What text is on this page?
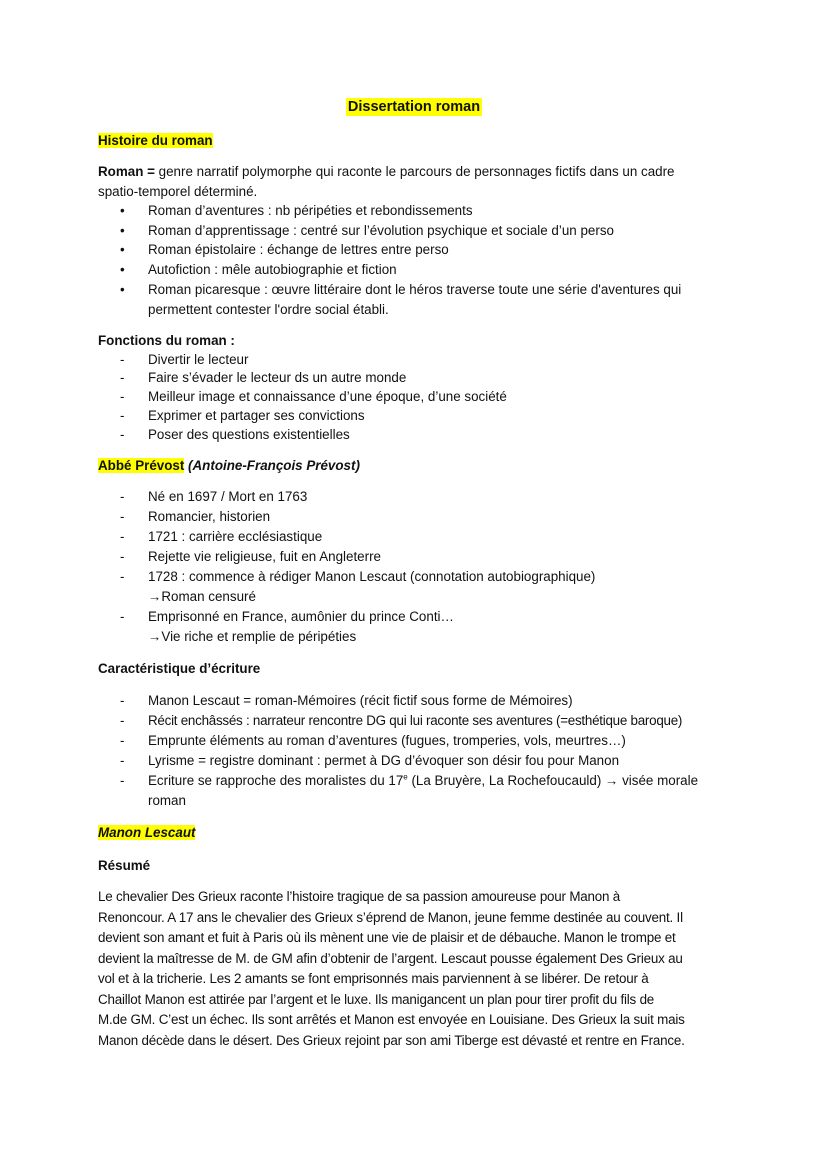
Dissertation roman
Histoire du roman
Roman = genre narratif polymorphe qui raconte le parcours de personnages fictifs dans un cadre
spatio-temporel déterminé.
• Roman d’aventures : nb péripéties et rebondissements
• Roman d’apprentissage : centré sur l’évolution psychique et sociale d’un perso
• Roman épistolaire : échange de lettres entre perso
• Autofiction : mêle autobiographie et fiction
• Roman picaresque : œuvre littéraire dont le héros traverse toute une série d'aventures qui
permettent contester l'ordre social établi.
Fonctions du roman :
- Divertir le lecteur
- Faire s’évader le lecteur ds un autre monde
- Meilleur image et connaissance d’une époque, d’une société
- Exprimer et partager ses convictions
- Poser des questions existentielles
Abbé Prévost (Antoine-François Prévost)
- Né en 1697 / Mort en 1763
- Romancier, historien
- 1721 : carrière ecclésiastique
- Rejette vie religieuse, fuit en Angleterre
- 1728 : commence à rédiger Manon Lescaut (connotation autobiographique)
→Roman censuré
- Emprisonné en France, aumônier du prince Conti…
→Vie riche et remplie de péripéties
Caractéristique d’écriture
- Manon Lescaut = roman-Mémoires (récit fictif sous forme de Mémoires)
- Récit enchâssés : narrateur rencontre DG qui lui raconte ses aventures (=esthétique baroque)
- Emprunte éléments au roman d’aventures (fugues, tromperies, vols, meurtres…)
- Lyrisme = registre dominant : permet à DG d’évoquer son désir fou pour Manon
- Ecriture se rapproche des moralistes du 17e (La Bruyère, La Rochefoucauld) → visée morale
roman
Manon Lescaut
Résumé
Le chevalier Des Grieux raconte l’histoire tragique de sa passion amoureuse pour Manon à
Renoncour. A 17 ans le chevalier des Grieux s’éprend de Manon, jeune femme destinée au couvent. Il
devient son amant et fuit à Paris où ils mènent une vie de plaisir et de débauche. Manon le trompe et
devient la maîtresse de M. de GM afin d’obtenir de l’argent. Lescaut pousse également Des Grieux au
vol et à la tricherie. Les 2 amants se font emprisonnés mais parviennent à se libérer. De retour à
Chaillot Manon est attirée par l’argent et le luxe. Ils manigancent un plan pour tirer profit du fils de
M.de GM. C’est un échec. Ils sont arrêtés et Manon est envoyée en Louisiane. Des Grieux la suit mais
Manon décède dans le désert. Des Grieux rejoint par son ami Tiberge est dévasté et rentre en France.
